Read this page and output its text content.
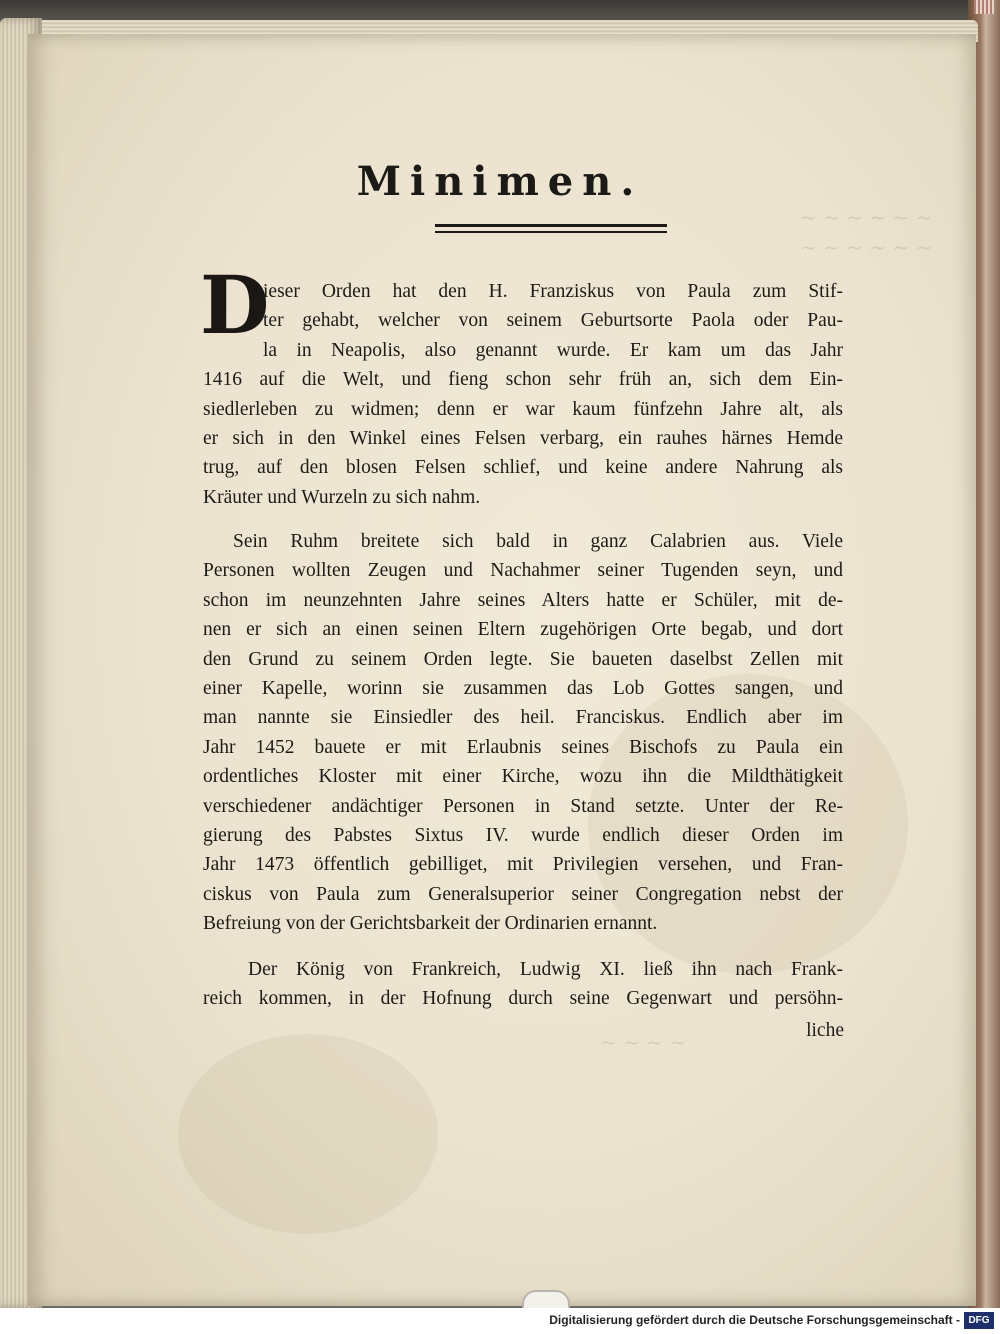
~ ~ ~ ~ ~ ~
~ ~ ~ ~ ~ ~
~ ~ ~ ~
Minimen.
D
ieser Orden hat den H. Franziskus von Paula zum Stif-
ter gehabt, welcher von seinem Geburtsorte Paola oder Pau-
la in Neapolis, also genannt wurde. Er kam um das Jahr
1416 auf die Welt, und fieng schon sehr früh an, sich dem Ein-
siedlerleben zu widmen; denn er war kaum fünfzehn Jahre alt, als
er sich in den Winkel eines Felsen verbarg, ein rauhes härnes Hemde
trug, auf den blosen Felsen schlief, und keine andere Nahrung als
Kräuter und Wurzeln zu sich nahm.
Sein Ruhm breitete sich bald in ganz Calabrien aus. Viele
Personen wollten Zeugen und Nachahmer seiner Tugenden seyn, und
schon im neunzehnten Jahre seines Alters hatte er Schüler, mit de-
nen er sich an einen seinen Eltern zugehörigen Orte begab, und dort
den Grund zu seinem Orden legte. Sie baueten daselbst Zellen mit
einer Kapelle, worinn sie zusammen das Lob Gottes sangen, und
man nannte sie Einsiedler des heil. Franciskus. Endlich aber im
Jahr 1452 bauete er mit Erlaubnis seines Bischofs zu Paula ein
ordentliches Kloster mit einer Kirche, wozu ihn die Mildthätigkeit
verschiedener andächtiger Personen in Stand setzte. Unter der Re-
gierung des Pabstes Sixtus IV. wurde endlich dieser Orden im
Jahr 1473 öffentlich gebilliget, mit Privilegien versehen, und Fran-
ciskus von Paula zum Generalsuperior seiner Congregation nebst der
Befreiung von der Gerichtsbarkeit der Ordinarien ernannt.
Der König von Frankreich, Ludwig XI. ließ ihn nach Frank-
reich kommen, in der Hofnung durch seine Gegenwart und persöhn-
liche
Digitalisierung gefördert durch die Deutsche Forschungsgemeinschaft - DFG
